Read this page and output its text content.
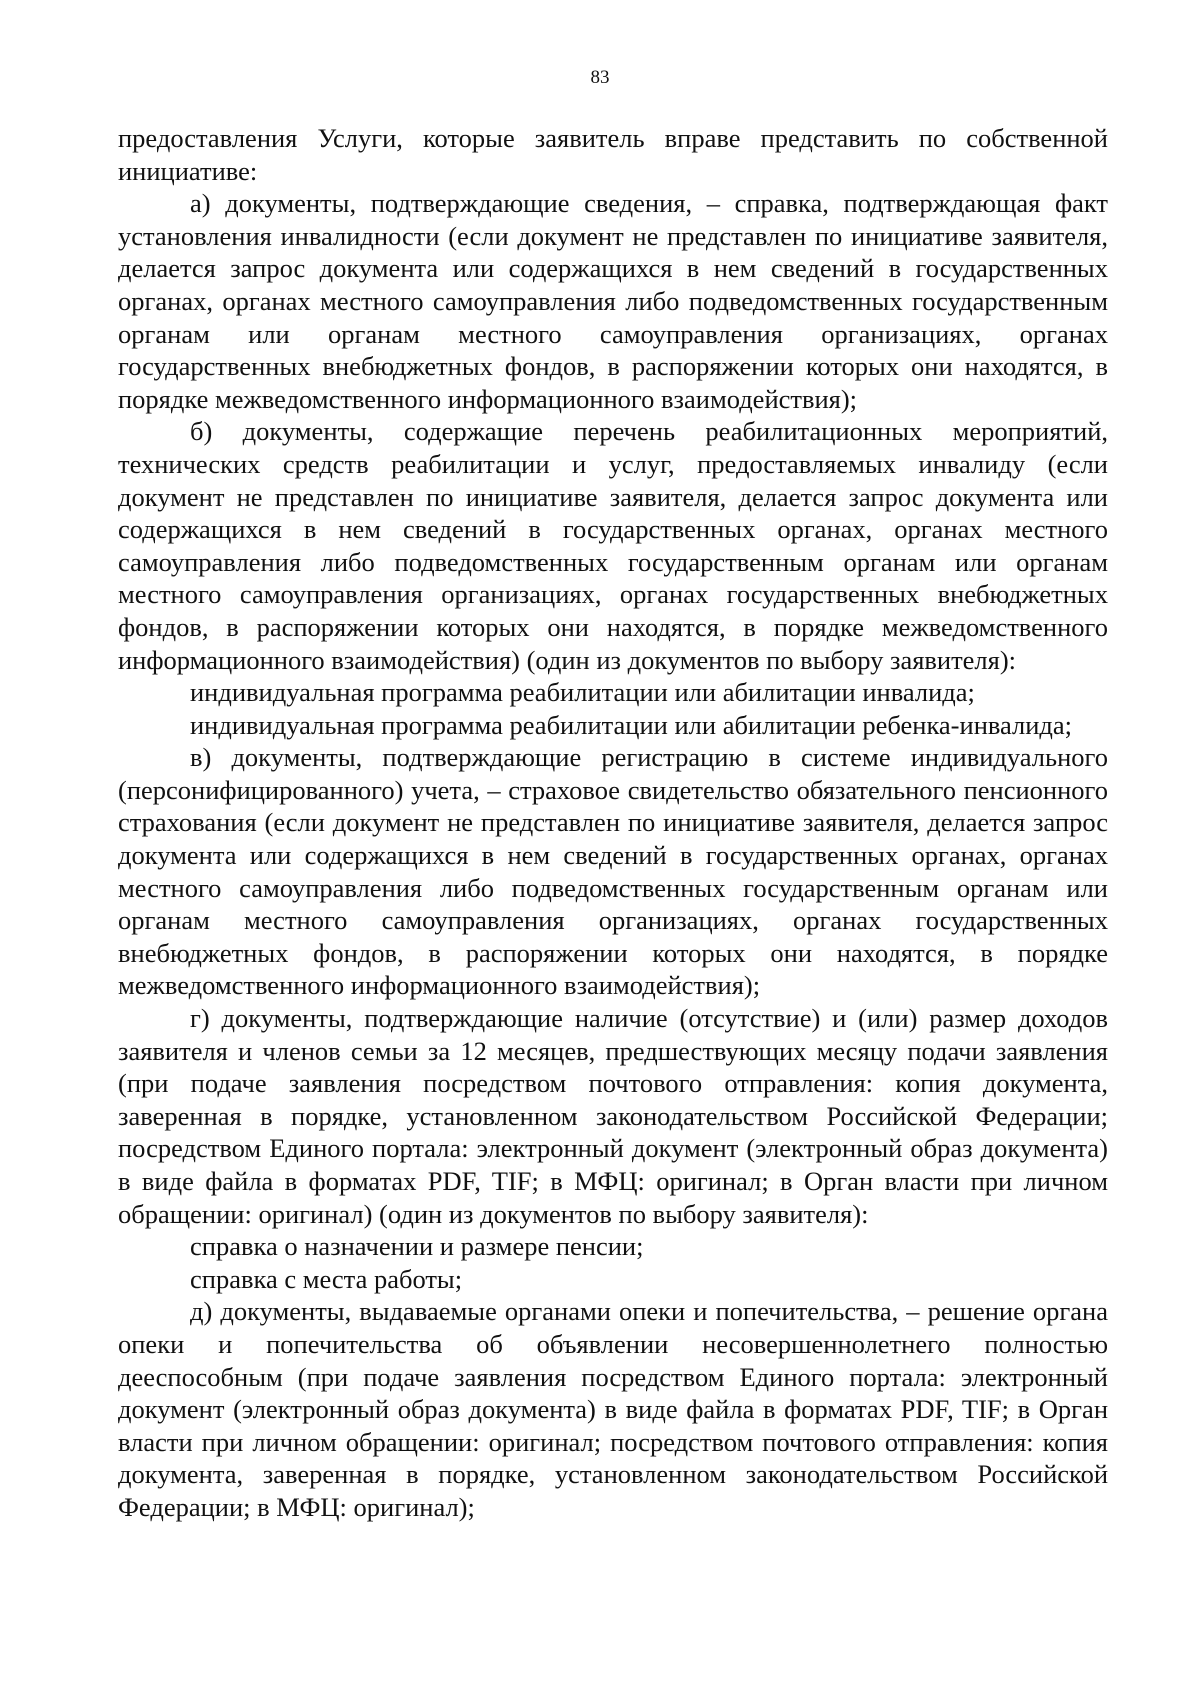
83

предоставления Услуги, которые заявитель вправе представить по собственной инициативе:

а) документы, подтверждающие сведения, – справка, подтверждающая факт установления инвалидности (если документ не представлен по инициативе заявителя, делается запрос документа или содержащихся в нем сведений в государственных органах, органах местного самоуправления либо подведомственных государственным органам или органам местного самоуправления организациях, органах государственных внебюджетных фондов, в распоряжении которых они находятся, в порядке межведомственного информационного взаимодействия);

б) документы, содержащие перечень реабилитационных мероприятий, технических средств реабилитации и услуг, предоставляемых инвалиду (если документ не представлен по инициативе заявителя, делается запрос документа или содержащихся в нем сведений в государственных органах, органах местного самоуправления либо подведомственных государственным органам или органам местного самоуправления организациях, органах государственных внебюджетных фондов, в распоряжении которых они находятся, в порядке межведомственного информационного взаимодействия) (один из документов по выбору заявителя):

индивидуальная программа реабилитации или абилитации инвалида;

индивидуальная программа реабилитации или абилитации ребенка-инвалида;

в) документы, подтверждающие регистрацию в системе индивидуального (персонифицированного) учета, – страховое свидетельство обязательного пенсионного страхования (если документ не представлен по инициативе заявителя, делается запрос документа или содержащихся в нем сведений в государственных органах, органах местного самоуправления либо подведомственных государственным органам или органам местного самоуправления организациях, органах государственных внебюджетных фондов, в распоряжении которых они находятся, в порядке межведомственного информационного взаимодействия);

г) документы, подтверждающие наличие (отсутствие) и (или) размер доходов заявителя и членов семьи за 12 месяцев, предшествующих месяцу подачи заявления (при подаче заявления посредством почтового отправления: копия документа, заверенная в порядке, установленном законодательством Российской Федерации; посредством Единого портала: электронный документ (электронный образ документа) в виде файла в форматах PDF, TIF; в МФЦ: оригинал; в Орган власти при личном обращении: оригинал) (один из документов по выбору заявителя):

справка о назначении и размере пенсии;

справка с места работы;

д) документы, выдаваемые органами опеки и попечительства, – решение органа опеки и попечительства об объявлении несовершеннолетнего полностью дееспособным (при подаче заявления посредством Единого портала: электронный документ (электронный образ документа) в виде файла в форматах PDF, TIF; в Орган власти при личном обращении: оригинал; посредством почтового отправления: копия документа, заверенная в порядке, установленном законодательством Российской Федерации; в МФЦ: оригинал);
